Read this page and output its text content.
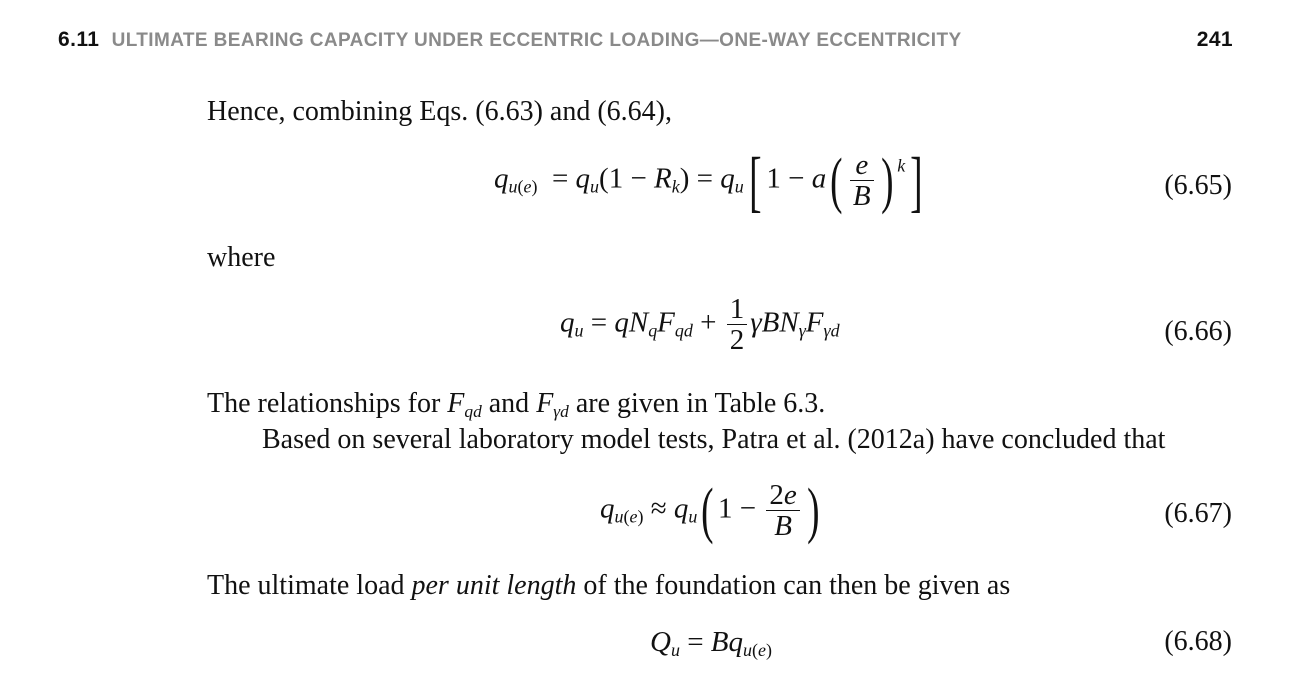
6.11 ULTIMATE BEARING CAPACITY UNDER ECCENTRIC LOADING—ONE-WAY ECCENTRICITY	241
Hence, combining Eqs. (6.63) and (6.64),
$q_{u(e)} = q_u(1 - R_k) = q_u$[ $1 - a( \frac{e}{B}$ ) $^k$]	(6.65)
where
$q_u = qN_qF_{qd} + \frac{1}{2} \gamma BN_\gamma F_{\gamma d}$	(6.66)
The relationships for $F_{qd}$ and $F_{\gamma d}$ are given in Table 6.3.
Based on several laboratory model tests, Patra et al. (2012a) have concluded that
$q_{u(e)} \approx q_u$( $1 - \frac{2e}{B}$ )	(6.67)
The ultimate load per unit length of the foundation can then be given as
$Q_u = Bq_{u(e)}$	(6.68)
